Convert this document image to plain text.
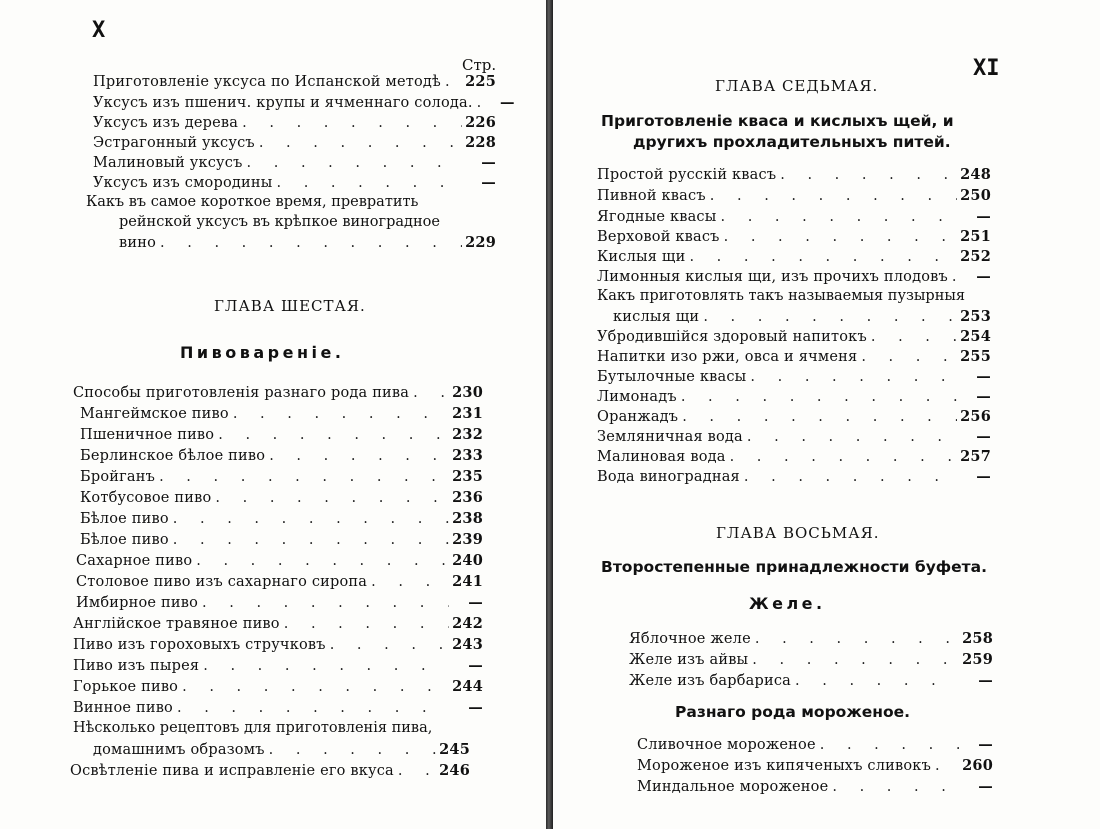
X
Стр.
Приготовленіе уксуса по Испанской методѣ . . . 225
Уксусъ изъ пшенич. крупы и ячменнаго солода. . . .	—
Уксусъ изъ дерева . . .	226
Эстрагонный уксусъ . . .	228
Малиновый уксусъ . . .	—
Уксусъ изъ смородины . . .	—
Какъ въ самое короткое время, превратить
рейнской уксусъ въ крѣпкое виноградное
вино . . .	229
ГЛАВА ШЕСТАЯ.
Пивовареніе.
Способы приготовленія разнаго рода пива . . .	230
Мангеймское пиво . . .	231
Пшеничное пиво . . .	232
Берлинское бѣлое пиво . . .	233
Бройганъ . . .	235
Котбусовое пиво . . .	236
Бѣлое пиво . . .	238
Бѣлое пиво . . .	239
Сахарное пиво . . .	240
Столовое пиво изъ сахарнаго сиропа . . .	241
Имбирное пиво . . .	—
Англійское травяное пиво . . .	242
Пиво изъ гороховыхъ стручковъ . . .	243
Пиво изъ пырея . . .	—
Горькое пиво . . .	244
Винное пиво . . .	—
Нѣсколько рецептовъ для приготовленія пива,
домашнимъ образомъ . . .	245
Освѣтленіе пива и исправленіе его вкуса . . .	246
XI
ГЛАВА СЕДЬМАЯ.
Приготовленіе кваса и кислыхъ щей, и
другихъ прохладительныхъ питей.
Простой русскій квасъ . . .	248
Пивной квасъ . . .	250
Ягодные квасы . . .	—
Верховой квасъ . . .	251
Кислыя щи . . .	252
Лимонныя кислыя щи, изъ прочихъ плодовъ . . .	—
Какъ приготовлять такъ называемыя пузырныя
кислыя щи . . .	253
Убродившійся здоровый напитокъ . . .	254
Напитки изо ржи, овса и ячменя . . .	255
Бутылочные квасы . . .	—
Лимонадъ . . .	—
Оранжадъ . . .	256
Земляничная вода . . .	—
Малиновая вода . . .	257
Вода виноградная . . .	—
ГЛАВА ВОСЬМАЯ.
Второстепенные принадлежности буфета.
Желе.
Яблочное желе . . .	258
Желе изъ айвы . . .	259
Желе изъ барбариса . . .	—
Разнаго рода мороженое.
Сливочное мороженое . . .	—
Мороженое изъ кипяченыхъ сливокъ . . . 260
Миндальное мороженое . . .	—
